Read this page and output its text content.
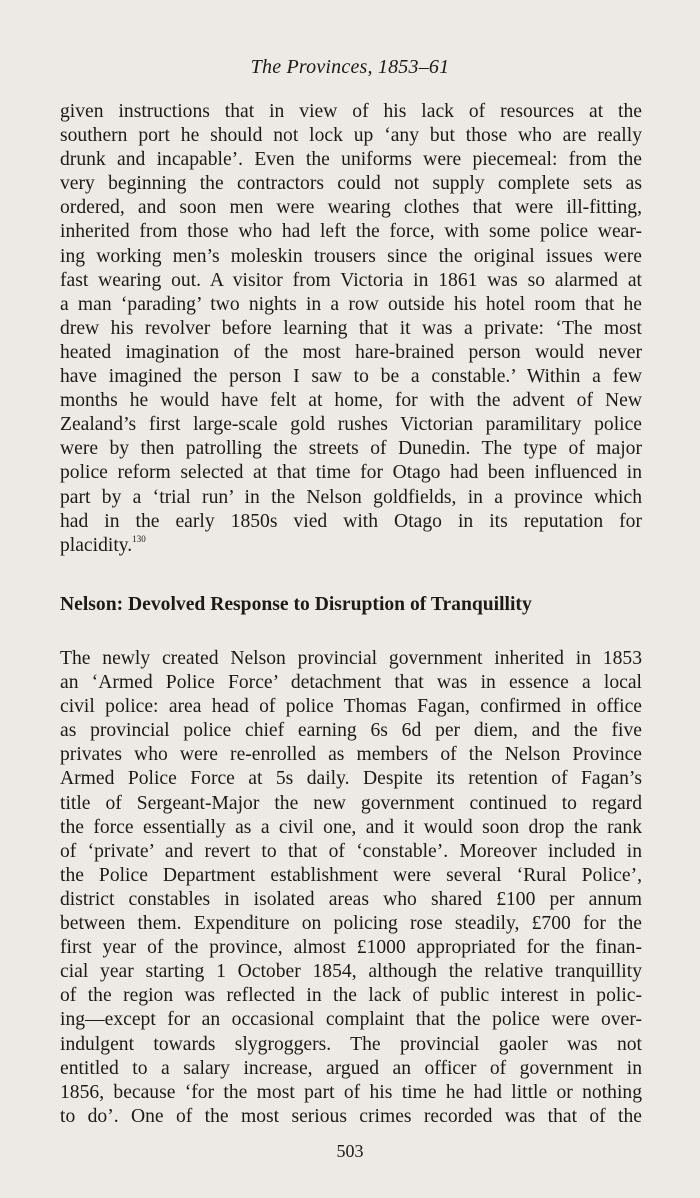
The Provinces, 1853–61
given instructions that in view of his lack of resources at the
southern port he should not lock up ‘any but those who are really
drunk and incapable’. Even the uniforms were piecemeal: from the
very beginning the contractors could not supply complete sets as
ordered, and soon men were wearing clothes that were ill-fitting,
inherited from those who had left the force, with some police wear-
ing working men’s moleskin trousers since the original issues were
fast wearing out. A visitor from Victoria in 1861 was so alarmed at
a man ‘parading’ two nights in a row outside his hotel room that he
drew his revolver before learning that it was a private: ‘The most
heated imagination of the most hare-brained person would never
have imagined the person I saw to be a constable.’ Within a few
months he would have felt at home, for with the advent of New
Zealand’s first large-scale gold rushes Victorian paramilitary police
were by then patrolling the streets of Dunedin. The type of major
police reform selected at that time for Otago had been influenced in
part by a ‘trial run’ in the Nelson goldfields, in a province which
had in the early 1850s vied with Otago in its reputation for
placidity.$^{130}$
Nelson: Devolved Response to Disruption of Tranquillity
The newly created Nelson provincial government inherited in 1853
an ‘Armed Police Force’ detachment that was in essence a local
civil police: area head of police Thomas Fagan, confirmed in office
as provincial police chief earning 6s 6d per diem, and the five
privates who were re-enrolled as members of the Nelson Province
Armed Police Force at 5s daily. Despite its retention of Fagan’s
title of Sergeant-Major the new government continued to regard
the force essentially as a civil one, and it would soon drop the rank
of ‘private’ and revert to that of ‘constable’. Moreover included in
the Police Department establishment were several ‘Rural Police’,
district constables in isolated areas who shared £100 per annum
between them. Expenditure on policing rose steadily, £700 for the
first year of the province, almost £1000 appropriated for the finan-
cial year starting 1 October 1854, although the relative tranquillity
of the region was reflected in the lack of public interest in polic-
ing—except for an occasional complaint that the police were over-
indulgent towards slygroggers. The provincial gaoler was not
entitled to a salary increase, argued an officer of government in
1856, because ‘for the most part of his time he had little or nothing
to do’. One of the most serious crimes recorded was that of the
503
